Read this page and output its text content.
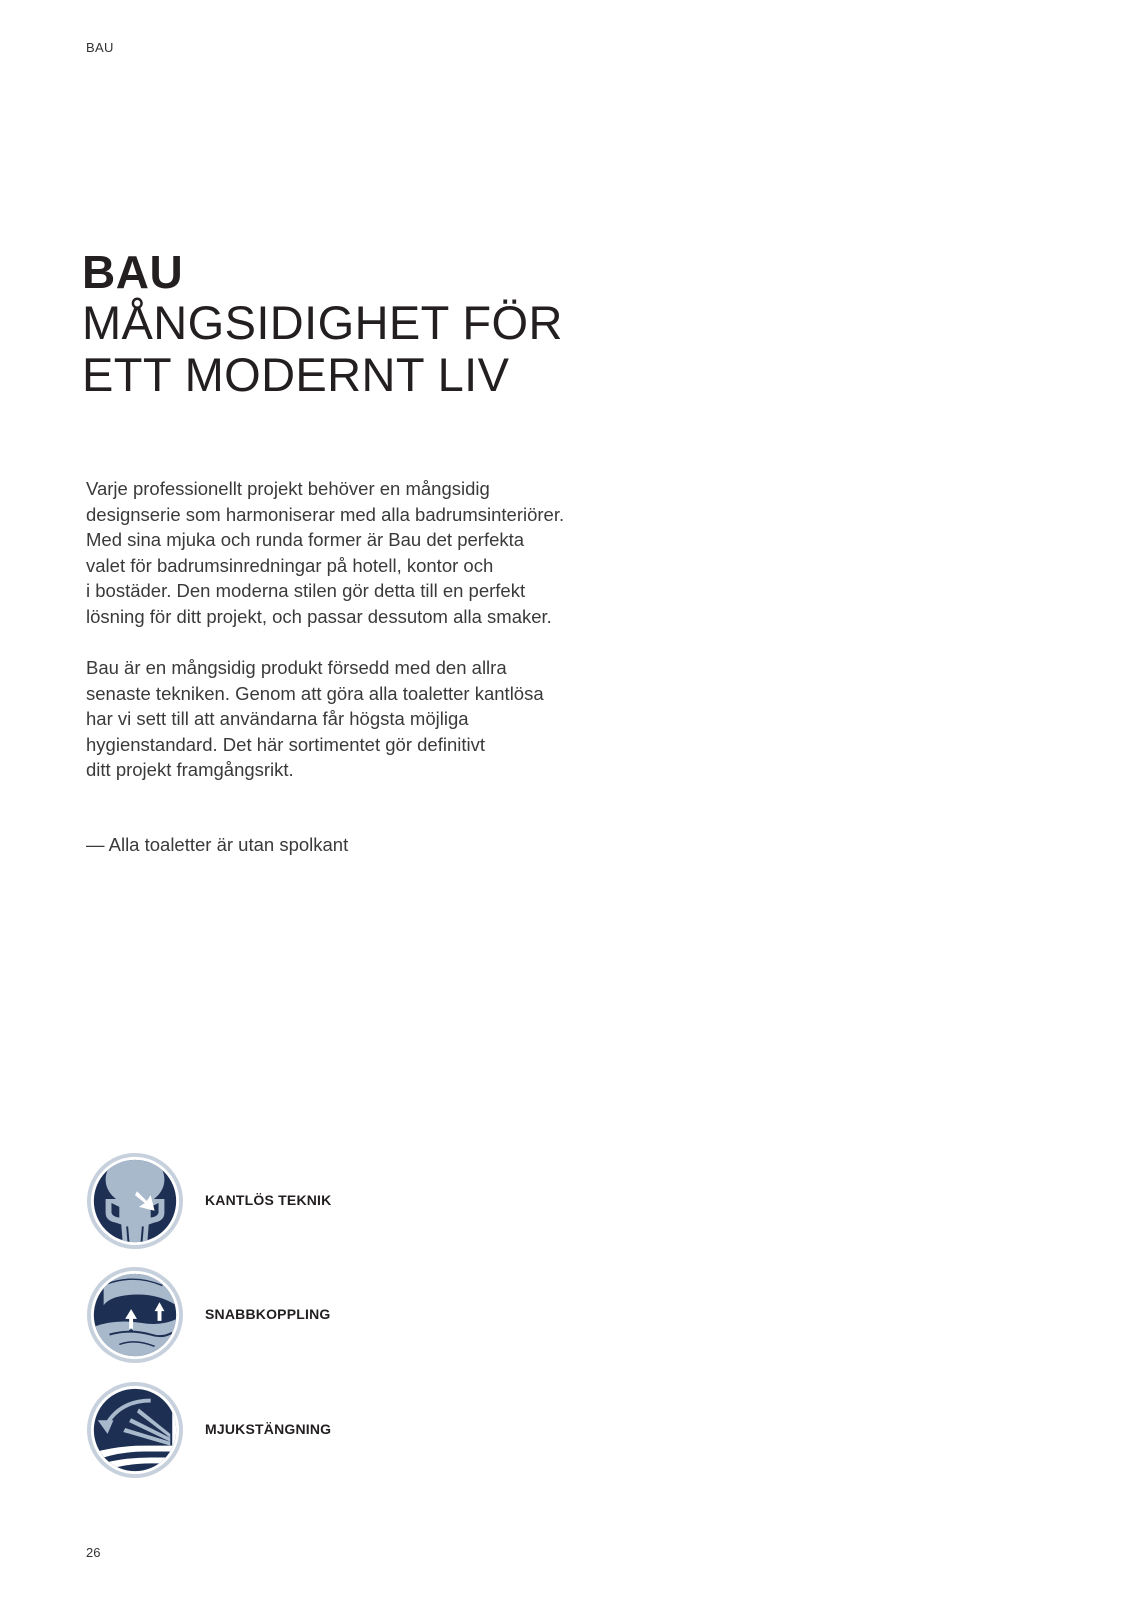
BAU
BAU
MÅNGSIDIGHET FÖR
ETT MODERNT LIV

Varje professionellt projekt behöver en mångsidig
designserie som harmoniserar med alla badrumsinteriörer.
Med sina mjuka och runda former är Bau det perfekta
valet för badrumsinredningar på hotell, kontor och
i bostäder. Den moderna stilen gör detta till en perfekt
lösning för ditt projekt, och passar dessutom alla smaker.

Bau är en mångsidig produkt försedd med den allra
senaste tekniken. Genom att göra alla toaletter kantlösa
har vi sett till att användarna får högsta möjliga
hygienstandard. Det här sortimentet gör definitivt
ditt projekt framgångsrikt.

— Alla toaletter är utan spolkant
KANTLÖS TEKNIK
SNABBKOPPLING
MJUKSTÄNGNING
26
